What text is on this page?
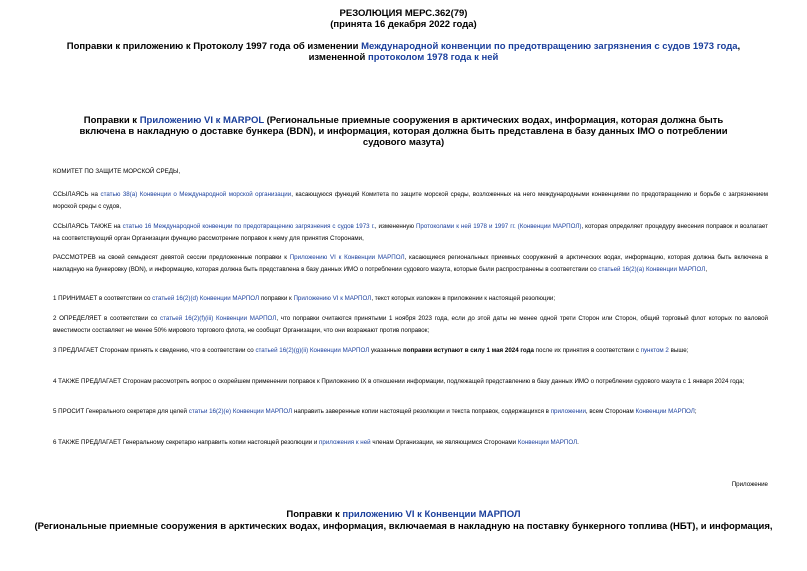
РЕЗОЛЮЦИЯ МЕРС.362(79)
(принята 16 декабря 2022 года)
Поправки к приложению к Протоколу 1997 года об изменении Международной конвенции по предотвращению загрязнения с судов 1973 года, измененной протоколом 1978 года к ней
Поправки к Приложению VI к MARPOL (Региональные приемные сооружения в арктических водах, информация, которая должна быть включена в накладную о доставке бункера (BDN), и информация, которая должна быть представлена в базу данных IMO о потреблении судового мазута)
КОМИТЕТ ПО ЗАЩИТЕ МОРСКОЙ СРЕДЫ,
ССЫЛАЯСЬ на статью 38(a) Конвенции о Международной морской организации, касающуюся функций Комитета по защите морской среды, возложенных на него международными конвенциями по предотвращению и борьбе с загрязнением морской среды с судов,
ССЫЛАЯСЬ ТАКЖЕ на статью 16 Международной конвенции по предотвращению загрязнения с судов 1973 г., измененную Протоколами к ней 1978 и 1997 гг. (Конвенции МАРПОЛ), которая определяет процедуру внесения поправок и возлагает на соответствующий орган Организации функцию рассмотрение поправок к нему для принятия Сторонами,
РАССМОТРЕВ на своей семьдесят девятой сессии предложенные поправки к Приложению VI к Конвенции МАРПОЛ, касающиеся региональных приемных сооружений в арктических водах, информацию, которая должна быть включена в накладную на бункеровку (BDN), и информацию, которая должна быть представлена в базу данных ИМО о потреблении судового мазута, которые были распространены в соответствии со статьей 16(2)(a) Конвенции МАРПОЛ,
1 ПРИНИМАЕТ в соответствии со статьей 16(2)(d) Конвенции МАРПОЛ поправки к Приложению VI к МАРПОЛ, текст которых изложен в приложении к настоящей резолюции;
2 ОПРЕДЕЛЯЕТ в соответствии со статьей 16(2)(f)(iii) Конвенции МАРПОЛ, что поправки считаются принятыми 1 ноября 2023 года, если до этой даты не менее одной трети Сторон или Сторон, общий торговый флот которых по валовой вместимости составляет не менее 50% мирового торгового флота, не сообщат Организации, что они возражают против поправок;
3 ПРЕДЛАГАЕТ Сторонам принять к сведению, что в соответствии со статьей 16(2)(g)(ii) Конвенции МАРПОЛ указанные поправки вступают в силу 1 мая 2024 года после их принятия в соответствии с пунктом 2 выше;
4 ТАКЖЕ ПРЕДЛАГАЕТ Сторонам рассмотреть вопрос о скорейшем применении поправок к Приложению IX в отношении информации, подлежащей представлению в базу данных ИМО о потреблении судового мазута с 1 января 2024 года;
5 ПРОСИТ Генерального секретаря для целей статьи 16(2)(e) Конвенции МАРПОЛ направить заверенные копии настоящей резолюции и текста поправок, содержащихся в приложении, всем Сторонам Конвенции МАРПОЛ;
6 ТАКЖЕ ПРЕДЛАГАЕТ Генеральному секретарю направить копии настоящей резолюции и приложения к ней членам Организации, не являющимся Сторонами Конвенции МАРПОЛ.
Приложение
Поправки к приложению VI к Конвенции МАРПОЛ
(Региональные приемные сооружения в арктических водах, информация, включаемая в накладную на поставку бункерного топлива (НБТ), и информация,
